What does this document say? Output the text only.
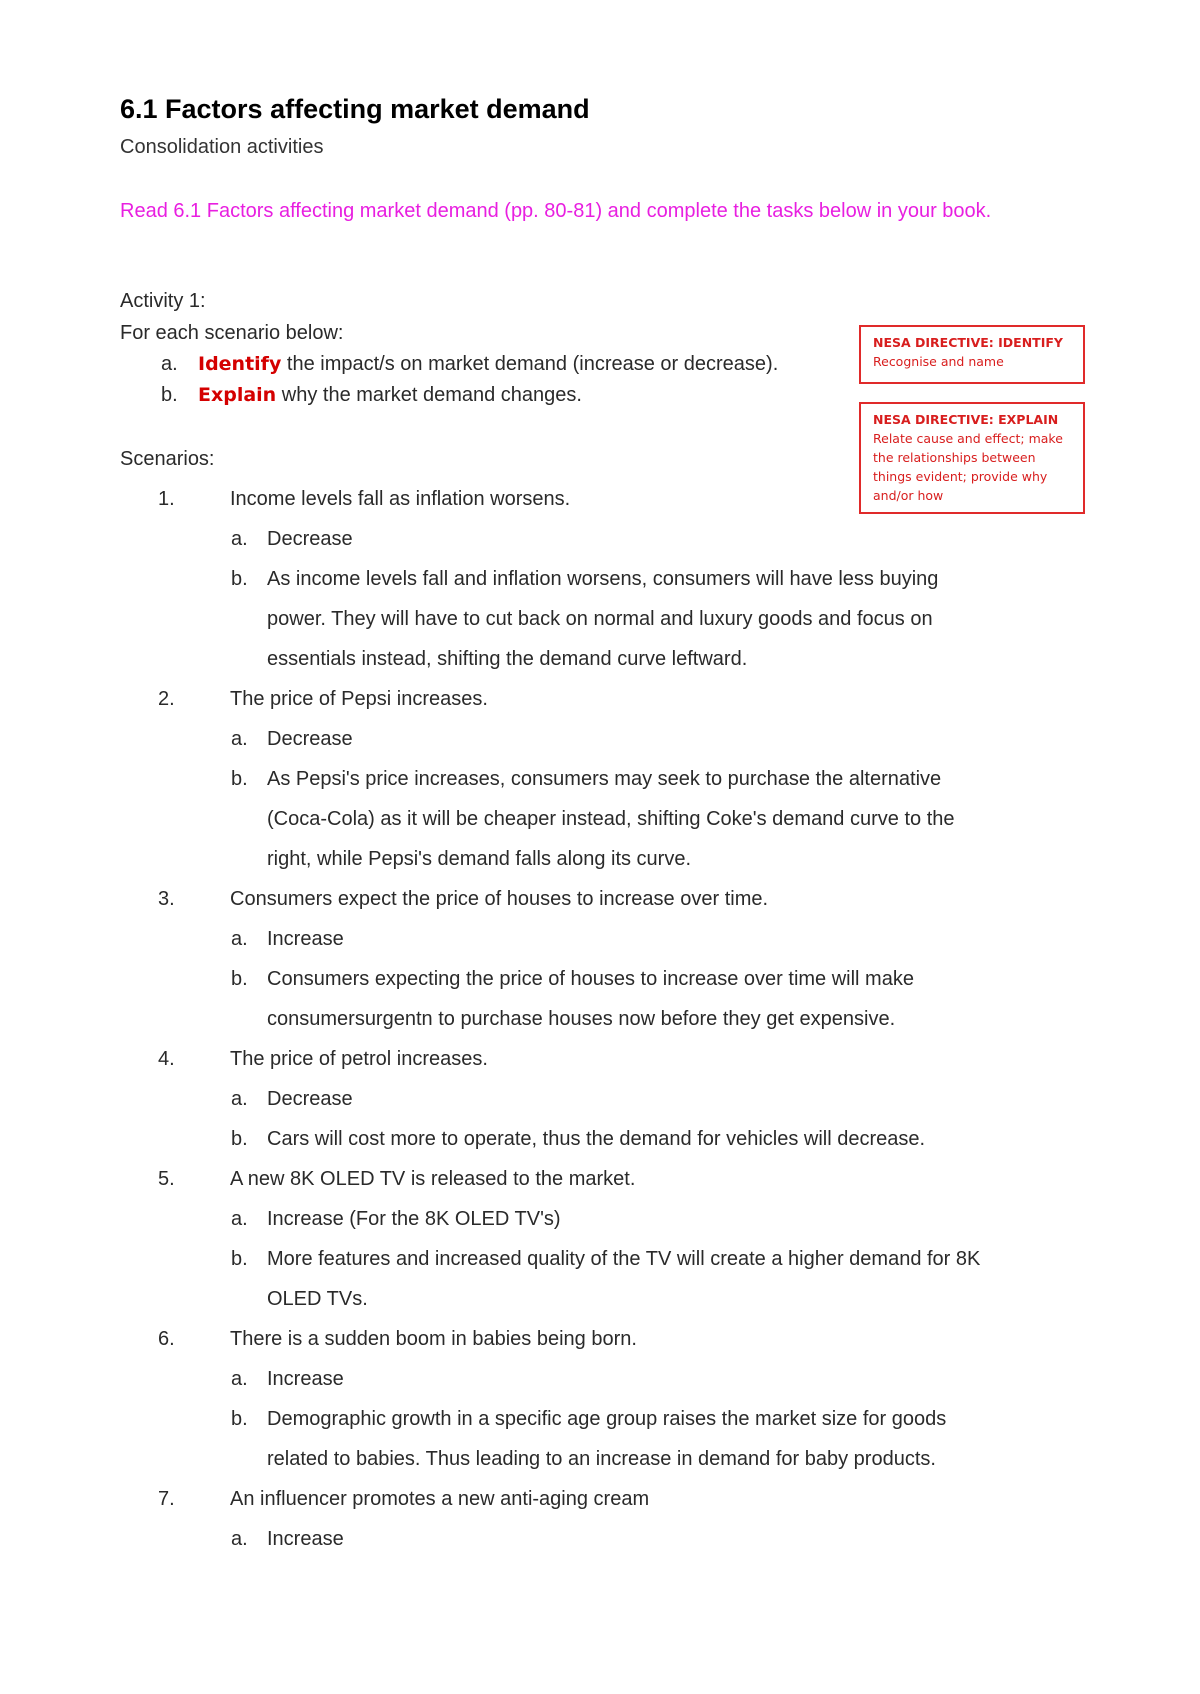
6.1 Factors affecting market demand
Consolidation activities
Read 6.1 Factors affecting market demand (pp. 80-81) and complete the tasks below in your book.
Activity 1:
For each scenario below:
a. Identify the impact/s on market demand (increase or decrease).
b. Explain why the market demand changes.
NESA DIRECTIVE: IDENTIFY
Recognise and name
NESA DIRECTIVE: EXPLAIN
Relate cause and effect; make
the relationships between
things evident; provide why
and/or how
Scenarios:
1.	Income levels fall as inflation worsens.
a. Decrease
b. As income levels fall and inflation worsens, consumers will have less buying
power. They will have to cut back on normal and luxury goods and focus on
essentials instead, shifting the demand curve leftward.
2.	The price of Pepsi increases.
a. Decrease
b. As Pepsi's price increases, consumers may seek to purchase the alternative
(Coca-Cola) as it will be cheaper instead, shifting Coke's demand curve to the
right, while Pepsi's demand falls along its curve.
3.	Consumers expect the price of houses to increase over time.
a. Increase
b. Consumers expecting the price of houses to increase over time will make
consumersurgentn to purchase houses now before they get expensive.
4.	The price of petrol increases.
a. Decrease
b. Cars will cost more to operate, thus the demand for vehicles will decrease.
5.	A new 8K OLED TV is released to the market.
a. Increase (For the 8K OLED TV's)
b. More features and increased quality of the TV will create a higher demand for 8K
OLED TVs.
6.	There is a sudden boom in babies being born.
a. Increase
b. Demographic growth in a specific age group raises the market size for goods
related to babies. Thus leading to an increase in demand for baby products.
7.	An influencer promotes a new anti-aging cream
a. Increase
